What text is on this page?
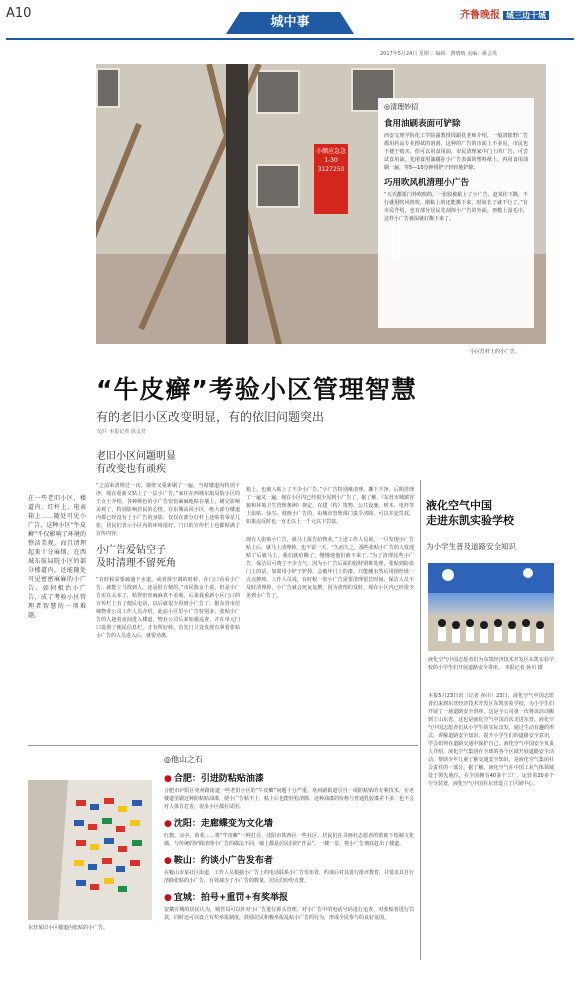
A10
城中事	齐鲁晚报 城三边十城
2017年5月24日 星期三 编辑：曹晴晴 美编：姚会英
小额应急急 1-30 3127250
◎清理妙招
食用油刷表面可铲除

西安文理学院化工学院副教授周跟花老师介绍，一般清除野广告都用药品专业擦拭的溶剂，这种的广告的市面上不多见，市民也不便于购买，但可以用食用油，市民清理家中门上的广告，可尝试食用油，先用食用油刷在小广告表面的塑料纸上，再用食用油刷一遍，等5—10分钟用铲子轻轻地铲除。

巧用吹风机清理小广告

“天天都要门外吹吹的，一张胶被粘上了小广告，赵某往下撕，不行就用吹风机吹，刚粘上的还能撕下来，时间长了就不行了。”有市民介绍，也有部分居民先刮掉小广告的外面，再敷上湿毛巾，这样小广告被湿就好撕下来了。

小区灯杆上的小广告。
“牛皮癣”考验小区管理智慧
有的老旧小区改变明显，有的依旧问题突出
文/片 本报记者 徐文君
在一些老旧小区，楼道内、灯杆上、电表箱上……随处可见小广告，这种小区“牛皮癣”不仅影响了环境的整洁美观，而且清理起来十分麻烦。在西城东航局院小区的部分楼道内，还能随处可见密密麻麻的小广告。如何根治小广告，成了考验小区管理者智慧的一项难题。
老旧小区问题明显
有改变也有顽疾

“之前来清理过一次，墙壁又重新刷了一遍，当时楼道内特别干净，现在重新又贴上了一层小广告。”家住在西城东航局院小区的王女士介绍，各种颜色的小广告密密麻麻地贴在墙上，刷完影响美观了，特别影响居民的心情。在东城高风小区，绝大部分楼道内都已经没有了小广告的身影，仅仅在部分灯杆上还贴着零星几张，居民们表示小区内的环境很好，门口的宣传栏上也都贴满了宣传内容。

小广告爱钻空子
及时清理不留死角

“有时候需要疏通下水道，或者拆空调的时候，在门口看看小广告，就能立马找到人，还是很方便的。”市民陈女士说，但是小广告实在太多了，贴得密密麻麻真不美观，后来我重新小区门口的宣传栏上有了便民电话，以后就很少用到小广告了。据东营市居城物业公司工作人员介绍，此前小区里小广告特别多，张贴小广告的人趁着夜间进入楼道，物业公司后来加强巡查，并在单元门口设置了便民信息栏，才有所好转。首先门卫处发现有拿着张贴小广告的人员进入后，就要劝离。

箱上，也被人贴上了不少小广告。”小广告特别难清理，撕下不净，后期清理了一遍又一遍，现在小区内已经很少见到小广告了。据了解，《东营市城镇容貌和环境卫生管理条例》规定，在建（构）筑物、公共设施、树木、电杆等上张贴、涂写、刻画小广告的，由城市管理部门责令清除，可以并处罚款。如果违反时也一直无以上一千元以下罚款。

现有人张贴小广告，就马上报告给物业。”上述工作人员说，一旦发现小广告贴上后，就马上清理掉，也不留一天。“久而久之，那些张贴小广告的人发现贴了后就马上，我们就给撕了，慢慢地他们就不来了。”为了清理这些小广告，保洁员可费了不少力气，因为小广告后面的胶特别难处理，张贴到防盗门上的话，如果用小铲子铲掉，会破坏门上的漆，只能蘸水然后用钢丝球一点点擦掉。工作人员说，有时候一张小广告需要清理很长时间，保洁人员不及时清理掉，小广告就会死灰复燃，因为清理的及时，现在小区内已经很少见到小广告了。

液化空气中国
走进东凯实验学校
为小学生普及道路安全知识
液化空气中国志愿者们为东凯经济技术开发区东凯实验学校的小学生们开展道路安全讲座。 本报记者 孙川 摄
本报5月23日讯（记者 孙川）23日，液化空气中国志愿者们来到东营经济技术开发区东凯实验学校，为小学生们开展了一场道路安全讲座，这是全公司第一次将该活动搬到了山东省，这也是液化空气中国首次走进东营。液化空气中国志愿者们从小学生的实际出发，通过生动有趣的形式、讲解道路安全知识，提升小学生们的道路安全意识，学会如何在道路交通中保护自己。液化空气中国安全负责人介绍，液化空气集团在全球的各个区域开展道路安全活动，帮助少年儿童了解交通安全知识，是液化空气集团社会责任的一部分。据了解，液化空气在中国工业气体领域处于领先地位，在全国拥有40多个工厂，运营着20多个空分装置，液化空气中国在东营设立了区域中心。
东营某旧小区楼道内张贴的小广告。
◎他山之石
● 合肥：引进防粘贴油漆

合肥市庐阳区亳州路街道一些老旧小区的“牛皮癣”问题十分严重，亳州路街道引自一项防粘贴的专利技术，在老楼道里刷这种防粘贴油漆，使小广告粘不上，粘上后也能轻松清除，这种油漆的价格与普通乳胶漆差不多，也不会对人体有危害，很多小区都在试用。

● 沈阳：走廊蝶变为文化墙

红旗、凉亭、荷花……将“牛皮癣”一网打尽，沈阳市铁西区一些社区，居民们在书画社志愿者的帮助下绘制文化墙，与传统的铲除清理小广告的做法不同，墙上都是居民们的“作品”，一楼一景，将小广告彻底赶出了楼道。

● 鞍山：约谈小广告发布者

在鞍山市某社区街道，工作人员根据小广告上的电话联系小广告发布者，约谈后对其进行批评教育，并要求其自行清除张贴的小广告，有效减少了小广告的数量，居民们纷纷点赞。

● 宜城：拍号+重罚+有奖举报

安徽宣城的居民认为，城管局可以针对小广告进行源头管理，对小广告中的电话号码进行追查，对张贴者进行罚款，同时还可以设立有奖举报制度，鼓励居民积极举报乱贴小广告的行为，形成全民参与的良好氛围。
